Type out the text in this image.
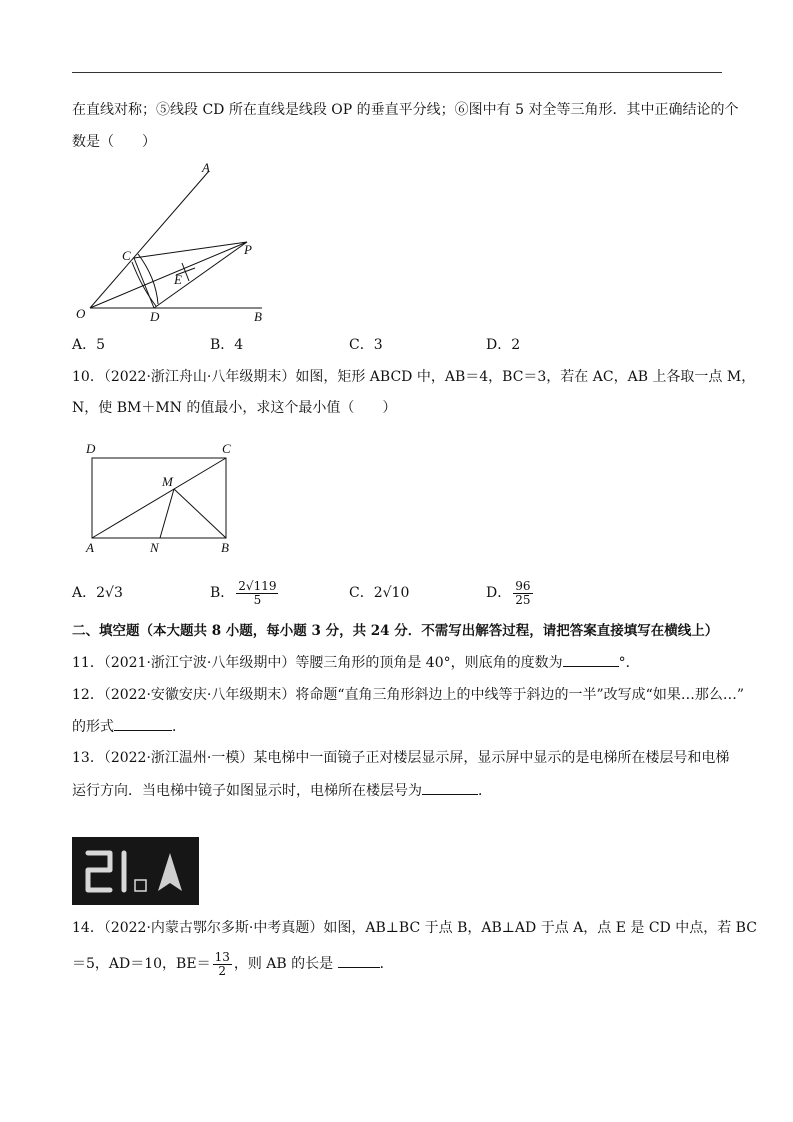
在直线对称；⑤线段 CD 所在直线是线段 OP 的垂直平分线；⑥图中有 5 对全等三角形．其中正确结论的个
数是（　　）
A
C	P
E
O	D	B
A．5	B．4	C．3	D．2
10．（2022·浙江舟山·八年级期末）如图，矩形 ABCD 中，AB＝4，BC＝3，若在 AC，AB 上各取一点 M，
N，使 BM＋MN 的值最小，求这个最小值（　　）
D	C
M
A	N	B
A．2√3	B． $\frac{2√119}{5}$	C．2√10	D． $\frac{96}{25}$
二、填空题（本大题共 8 小题，每小题 3 分，共 24 分．不需写出解答过程，请把答案直接填写在横线上）
11．（2021·浙江宁波·八年级期中）等腰三角形的顶角是 40°，则底角的度数为	°．
12．（2022·安徽安庆·八年级期末）将命题“直角三角形斜边上的中线等于斜边的一半”改写成“如果…那么…”
的形式	．
13．（2022·浙江温州·一模）某电梯中一面镜子正对楼层显示屏，显示屏中显示的是电梯所在楼层号和电梯
运行方向．当电梯中镜子如图显示时，电梯所在楼层号为	．
14．（2022·内蒙古鄂尔多斯·中考真题）如图，AB⊥BC 于点 B，AB⊥AD 于点 A，点 E 是 CD 中点，若 BC
＝5，AD＝10，$BE= \frac{13}{2}$ ，则 AB 的长是	．
